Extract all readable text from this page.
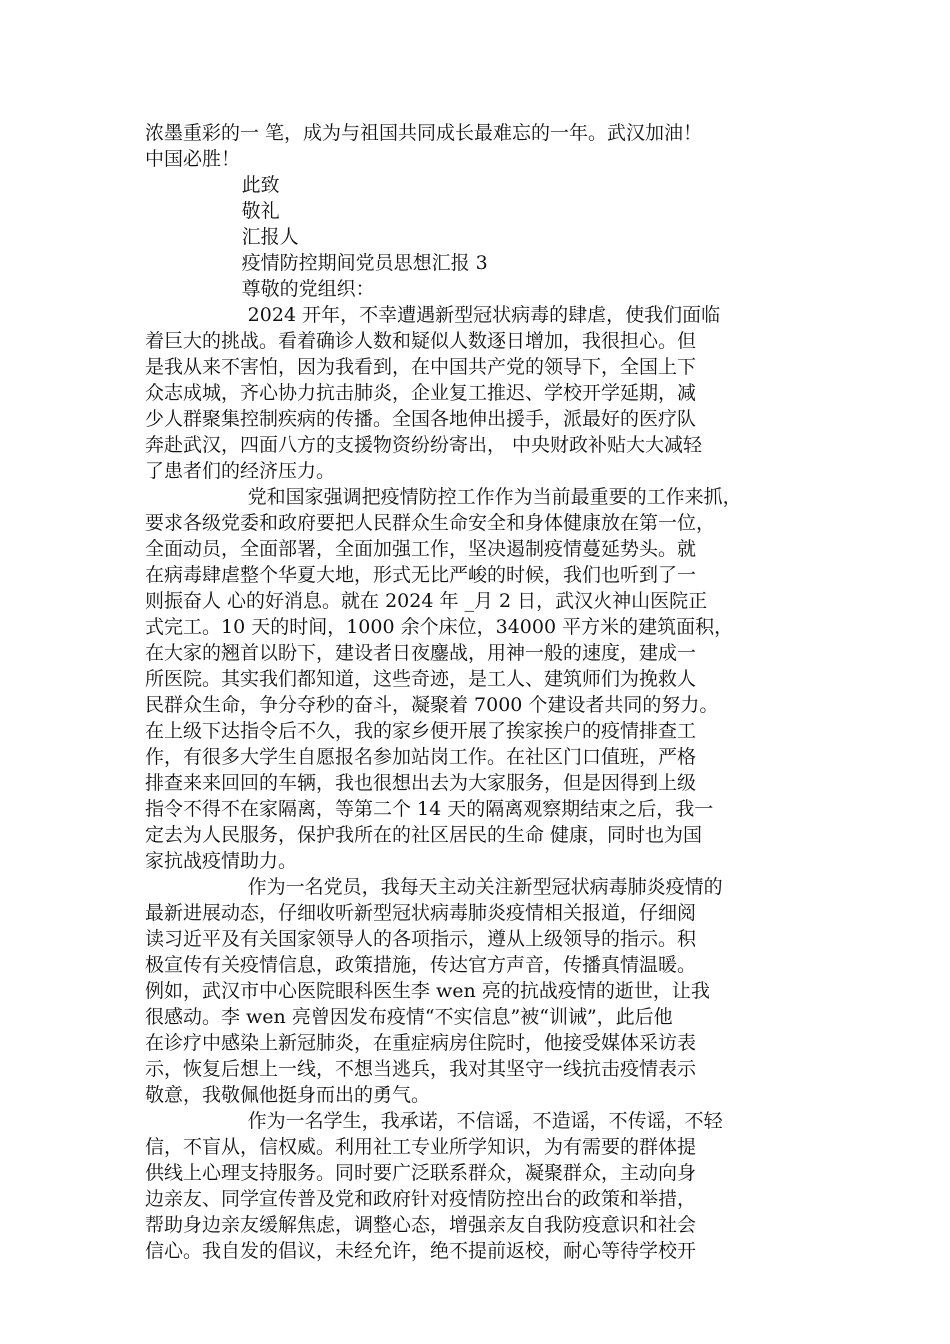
浓墨重彩的一 笔，成为与祖国共同成长最难忘的一年。武汉加油！
中国必胜！
此致
敬礼
汇报人
疫情防控期间党员思想汇报 3
尊敬的党组织：
2024 开年，不幸遭遇新型冠状病毒的肆虐，使我们面临
着巨大的挑战。看着确诊人数和疑似人数逐日增加，我很担心。但
是我从来不害怕，因为我看到，在中国共产党的领导下，全国上下
众志成城，齐心协力抗击肺炎，企业复工推迟、学校开学延期，减
少人群聚集控制疾病的传播。全国各地伸出援手，派最好的医疗队
奔赴武汉，四面八方的支援物资纷纷寄出， 中央财政补贴大大减轻
了患者们的经济压力。
党和国家强调把疫情防控工作作为当前最重要的工作来抓，
要求各级党委和政府要把人民群众生命安全和身体健康放在第一位，
全面动员，全面部署，全面加强工作，坚决遏制疫情蔓延势头。就
在病毒肆虐整个华夏大地，形式无比严峻的时候，我们也听到了一
则振奋人 心的好消息。就在 2024 年 _月 2 日，武汉火神山医院正
式完工。10 天的时间，1000 余个床位，34000 平方米的建筑面积，
在大家的翘首以盼下，建设者日夜鏖战，用神一般的速度，建成一
所医院。其实我们都知道，这些奇迹，是工人、建筑师们为挽救人
民群众生命，争分夺秒的奋斗，凝聚着 7000 个建设者共同的努力。
在上级下达指令后不久，我的家乡便开展了挨家挨户的疫情排查工
作，有很多大学生自愿报名参加站岗工作。在社区门口值班，严格
排查来来回回的车辆，我也很想出去为大家服务，但是因得到上级
指令不得不在家隔离，等第二个 14 天的隔离观察期结束之后，我一
定去为人民服务，保护我所在的社区居民的生命 健康，同时也为国
家抗战疫情助力。
作为一名党员，我每天主动关注新型冠状病毒肺炎疫情的
最新进展动态，仔细收听新型冠状病毒肺炎疫情相关报道，仔细阅
读习近平及有关国家领导人的各项指示，遵从上级领导的指示。积
极宣传有关疫情信息，政策措施，传达官方声音，传播真情温暖。
例如，武汉市中心医院眼科医生李 wen 亮的抗战疫情的逝世，让我
很感动。李 wen 亮曾因发布疫情“不实信息”被“训诫”，此后他
在诊疗中感染上新冠肺炎，在重症病房住院时，他接受媒体采访表
示，恢复后想上一线，不想当逃兵，我对其坚守一线抗击疫情表示
敬意，我敬佩他挺身而出的勇气。
作为一名学生，我承诺，不信谣，不造谣，不传谣，不轻
信，不盲从，信权威。利用社工专业所学知识，为有需要的群体提
供线上心理支持服务。同时要广泛联系群众，凝聚群众，主动向身
边亲友、同学宣传普及党和政府针对疫情防控出台的政策和举措，
帮助身边亲友缓解焦虑，调整心态，增强亲友自我防疫意识和社会
信心。我自发的倡议，未经允许，绝不提前返校，耐心等待学校开
